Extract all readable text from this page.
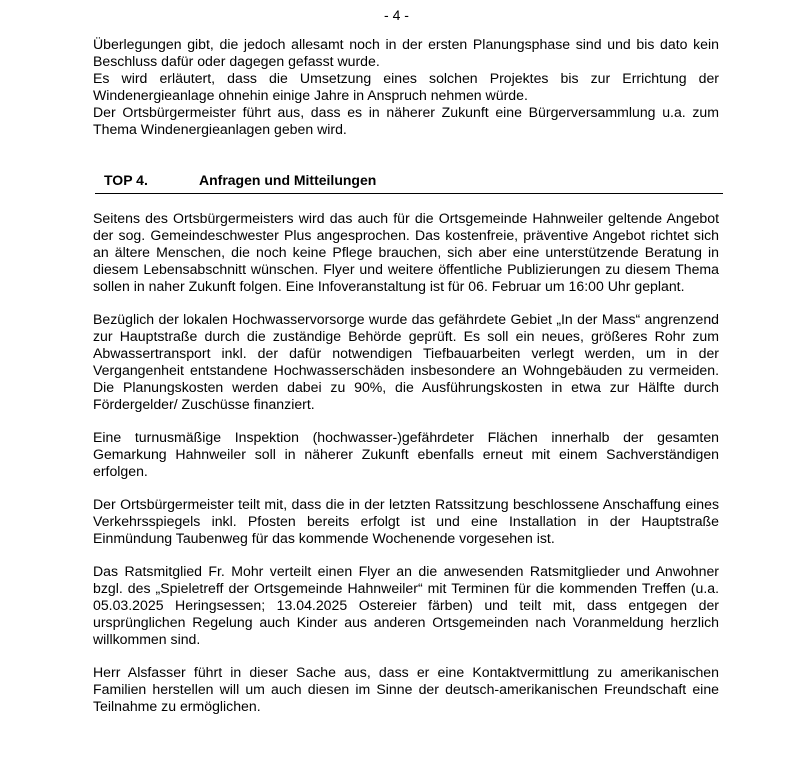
- 4 -

Überlegungen gibt, die jedoch allesamt noch in der ersten Planungsphase sind und bis dato kein Beschluss dafür oder dagegen gefasst wurde.

Es wird erläutert, dass die Umsetzung eines solchen Projektes bis zur Errichtung der Windenergieanlage ohnehin einige Jahre in Anspruch nehmen würde.

Der Ortsbürgermeister führt aus, dass es in näherer Zukunft eine Bürgerversammlung u.a. zum Thema Windenergieanlagen geben wird.

TOP 4.	Anfragen und Mitteilungen

Seitens des Ortsbürgermeisters wird das auch für die Ortsgemeinde Hahnweiler geltende Angebot der sog. Gemeindeschwester Plus angesprochen. Das kostenfreie, präventive Angebot richtet sich an ältere Menschen, die noch keine Pflege brauchen, sich aber eine unterstützende Beratung in diesem Lebensabschnitt wünschen. Flyer und weitere öffentliche Publizierungen zu diesem Thema sollen in naher Zukunft folgen. Eine Infoveranstaltung ist für 06. Februar um 16:00 Uhr geplant.

Bezüglich der lokalen Hochwasservorsorge wurde das gefährdete Gebiet „In der Mass“ angrenzend zur Hauptstraße durch die zuständige Behörde geprüft. Es soll ein neues, größeres Rohr zum Abwassertransport inkl. der dafür notwendigen Tiefbauarbeiten verlegt werden, um in der Vergangenheit entstandene Hochwasserschäden insbesondere an Wohngebäuden zu vermeiden. Die Planungskosten werden dabei zu 90%, die Ausführungskosten in etwa zur Hälfte durch Fördergelder/ Zuschüsse finanziert.

Eine turnusmäßige Inspektion (hochwasser-)gefährdeter Flächen innerhalb der gesamten Gemarkung Hahnweiler soll in näherer Zukunft ebenfalls erneut mit einem Sachverständigen erfolgen.

Der Ortsbürgermeister teilt mit, dass die in der letzten Ratssitzung beschlossene Anschaffung eines Verkehrsspiegels inkl. Pfosten bereits erfolgt ist und eine Installation in der Hauptstraße Einmündung Taubenweg für das kommende Wochenende vorgesehen ist.

Das Ratsmitglied Fr. Mohr verteilt einen Flyer an die anwesenden Ratsmitglieder und Anwohner bzgl. des „Spieletreff der Ortsgemeinde Hahnweiler“ mit Terminen für die kommenden Treffen (u.a. 05.03.2025 Heringsessen; 13.04.2025 Ostereier färben) und teilt mit, dass entgegen der ursprünglichen Regelung auch Kinder aus anderen Ortsgemeinden nach Voranmeldung herzlich willkommen sind.

Herr Alsfasser führt in dieser Sache aus, dass er eine Kontaktvermittlung zu amerikanischen Familien herstellen will um auch diesen im Sinne der deutsch-amerikanischen Freundschaft eine Teilnahme zu ermöglichen.
